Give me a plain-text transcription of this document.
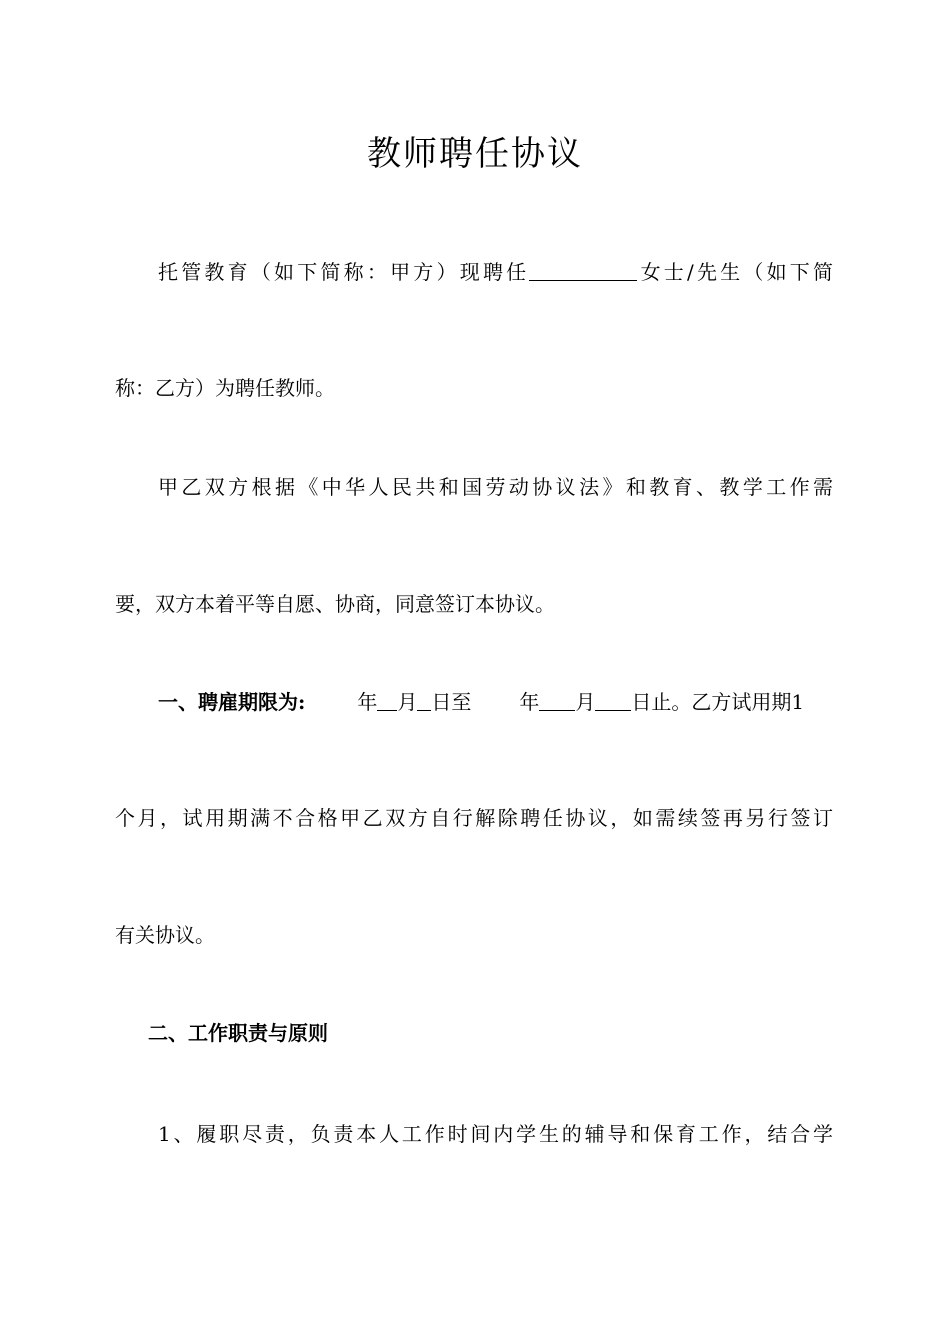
教师聘任协议
托管教育（如下简称：甲方）现聘任	女士/先生（如下简
称：乙方）为聘任教师。
甲乙双方根据《中华人民共和国劳动协议法》和教育、教学工作需
要，双方本着平等自愿、协商，同意签订本协议。
一、聘雇期限为:	年 月 日至 年 月 日止。乙方试用期1
个月，试用期满不合格甲乙双方自行解除聘任协议，如需续签再另行签订
有关协议。
二、工作职责与原则
1、履职尽责，负责本人工作时间内学生的辅导和保育工作，结合学
